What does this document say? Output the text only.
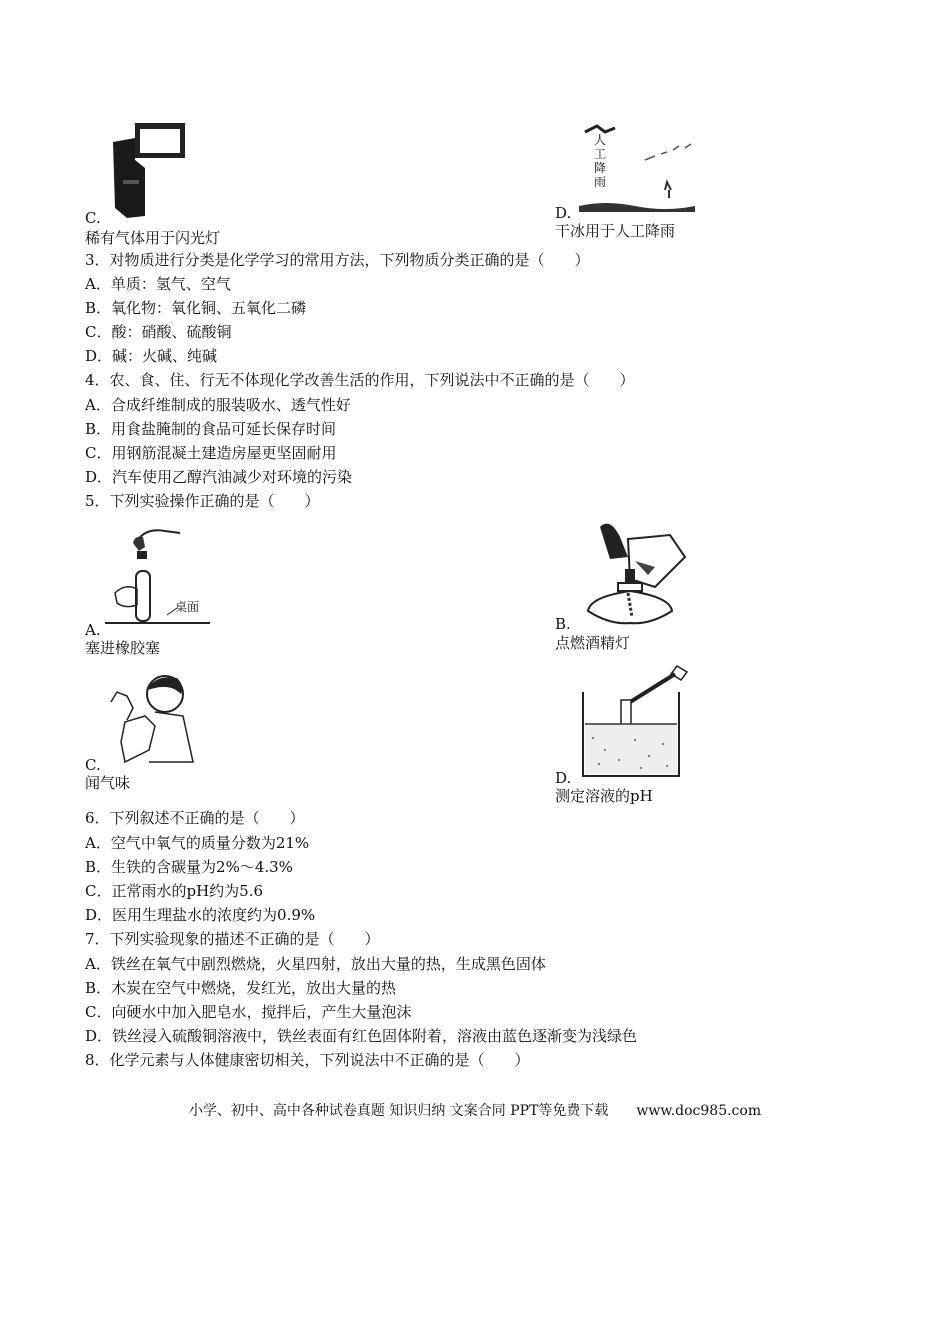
C.
稀有气体用于闪光灯
人工降雨
D.
干冰用于人工降雨
3．对物质进行分类是化学学习的常用方法，下列物质分类正确的是（　　）
A．单质：氢气、空气
B．氧化物：氧化铜、五氧化二磷
C．酸：硝酸、硫酸铜
D．碱：火碱、纯碱
4．农、食、住、行无不体现化学改善生活的作用，下列说法中不正确的是（　　）
A．合成纤维制成的服装吸水、透气性好
B．用食盐腌制的食品可延长保存时间
C．用钢筋混凝土建造房屋更坚固耐用
D．汽车使用乙醇汽油减少对环境的污染
5．下列实验操作正确的是（　　）
桌面
A.
塞进橡胶塞
B.
点燃酒精灯
C.
闻气味	D.
测定溶液的pH
6．下列叙述不正确的是（　　）
A．空气中氧气的质量分数为21%
B．生铁的含碳量为2%～4.3%
C．正常雨水的pH约为5.6
D．医用生理盐水的浓度约为0.9%
7．下列实验现象的描述不正确的是（　　）
A．铁丝在氧气中剧烈燃烧，火星四射，放出大量的热，生成黑色固体
B．木炭在空气中燃烧，发红光，放出大量的热
C．向硬水中加入肥皂水，搅拌后，产生大量泡沫
D．铁丝浸入硫酸铜溶液中，铁丝表面有红色固体附着，溶液由蓝色逐渐变为浅绿色
8．化学元素与人体健康密切相关，下列说法中不正确的是（　　）
小学、初中、高中各种试卷真题 知识归纳 文案合同 PPT等免费下载　　www.doc985.com
